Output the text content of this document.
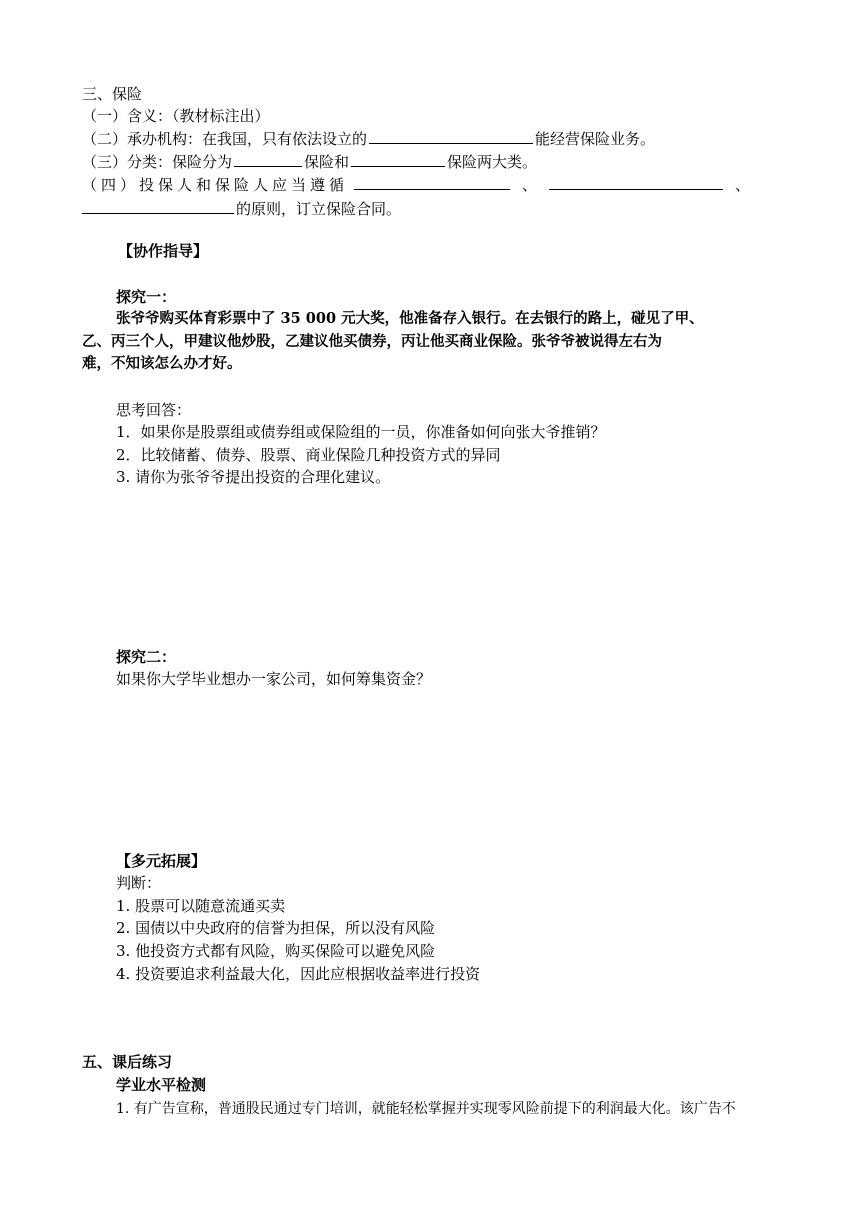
三、保险
（一）含义：（教材标注出）
（二）承办机构：在我国，只有依法设立的	能经营保险业务。
（三）分类：保险分为	保险和	保险两大类。
（四）投保人和保险人应当遵循	、	、
的原则，订立保险合同。
【协作指导】
探究一：
张爷爷购买体育彩票中了 35 000 元大奖，他准备存入银行。在去银行的路上，碰见了甲、
乙、丙三个人，甲建议他炒股，乙建议他买债券，丙让他买商业保险。张爷爷被说得左右为
难，不知该怎么办才好。
思考回答：
1．如果你是股票组或债券组或保险组的一员，你准备如何向张大爷推销？
2．比较储蓄、债券、股票、商业保险几种投资方式的异同
3. 请你为张爷爷提出投资的合理化建议。
探究二：
如果你大学毕业想办一家公司，如何筹集资金？
【多元拓展】
判断：
1. 股票可以随意流通买卖
2. 国债以中央政府的信誉为担保，所以没有风险
3. 他投资方式都有风险，购买保险可以避免风险
4. 投资要追求利益最大化，因此应根据收益率进行投资
五、课后练习
学业水平检测
1. 有广告宣称，普通股民通过专门培训，就能轻松掌握并实现零风险前提下的利润最大化。该广告不
